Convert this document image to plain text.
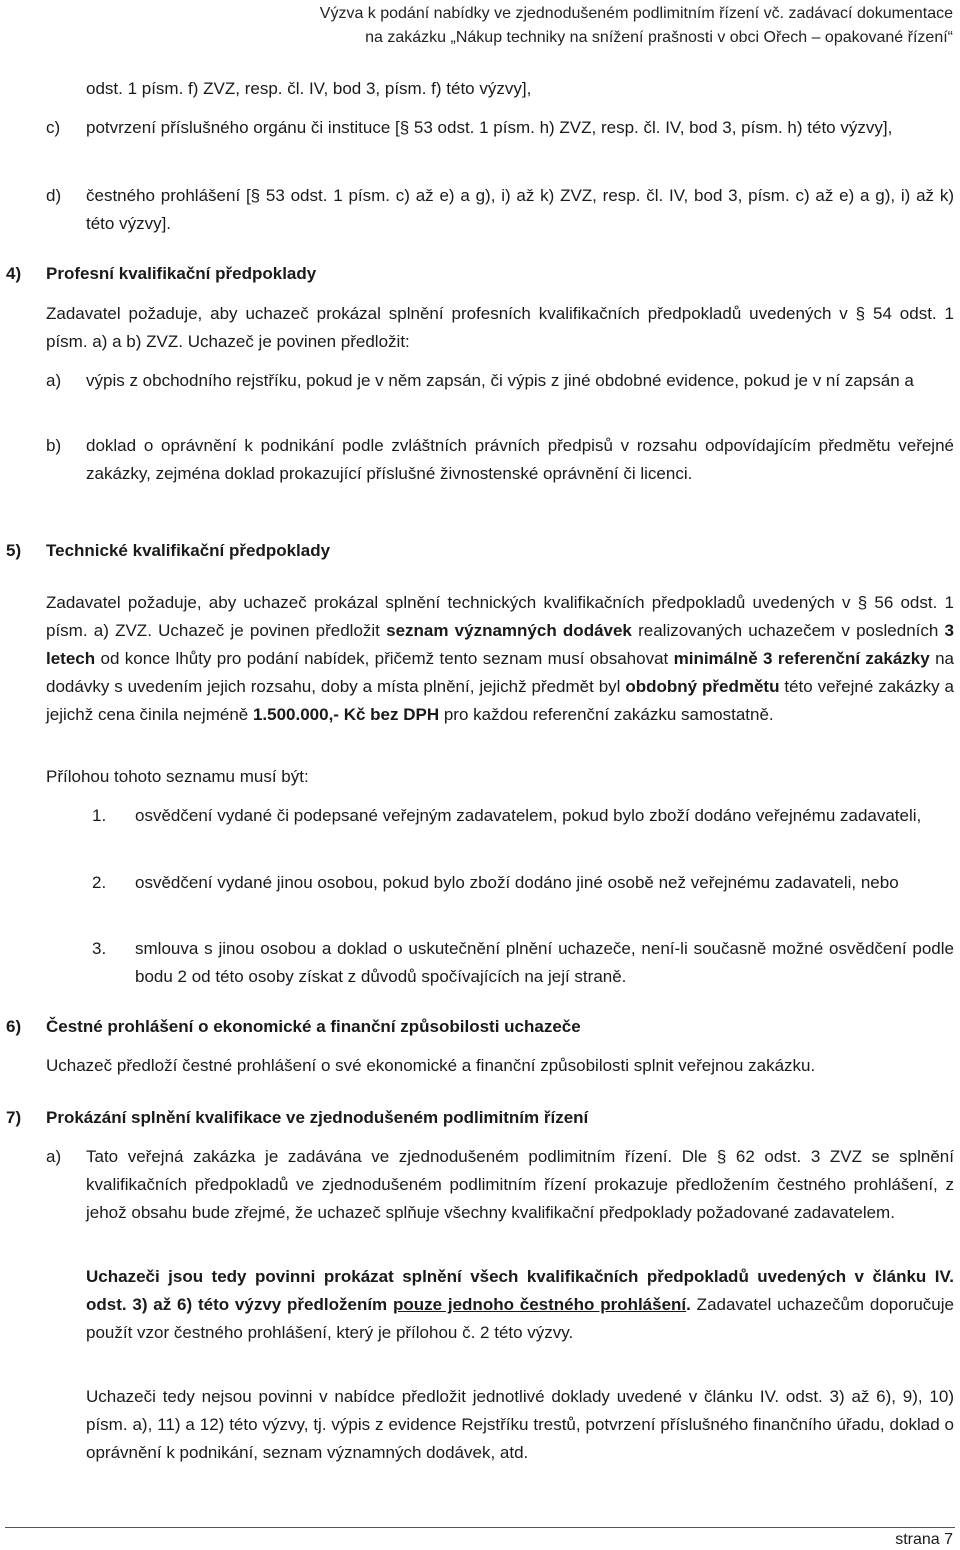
Výzva k podání nabídky ve zjednodušeném podlimitním řízení vč. zadávací dokumentace
na zakázku „Nákup techniky na snížení prašnosti v obci Ořech – opakované řízení“

odst. 1 písm. f) ZVZ, resp. čl. IV, bod 3, písm. f) této výzvy],

c)	potvrzení příslušného orgánu či instituce [§ 53 odst. 1 písm. h) ZVZ, resp. čl. IV, bod 3, písm. h) této výzvy],

d)	čestného prohlášení [§ 53 odst. 1 písm. c) až e) a g), i) až k) ZVZ, resp. čl. IV, bod 3, písm. c) až e) a g), i) až k) této výzvy].

4) Profesní kvalifikační předpoklady

Zadavatel požaduje, aby uchazeč prokázal splnění profesních kvalifikačních předpokladů uvedených v § 54 odst. 1 písm. a) a b) ZVZ. Uchazeč je povinen předložit:

a)	výpis z obchodního rejstříku, pokud je v něm zapsán, či výpis z jiné obdobné evidence, pokud je v ní zapsán a

b)	doklad o oprávnění k podnikání podle zvláštních právních předpisů v rozsahu odpovídajícím předmětu veřejné zakázky, zejména doklad prokazující příslušné živnostenské oprávnění či licenci.

5) Technické kvalifikační předpoklady

Zadavatel požaduje, aby uchazeč prokázal splnění technických kvalifikačních předpokladů uvedených v § 56 odst. 1 písm. a) ZVZ. Uchazeč je povinen předložit seznam významných dodávek realizovaných uchazečem v posledních 3 letech od konce lhůty pro podání nabídek, přičemž tento seznam musí obsahovat minimálně 3 referenční zakázky na dodávky s uvedením jejich rozsahu, doby a místa plnění, jejichž předmět byl obdobný předmětu této veřejné zakázky a jejichž cena činila nejméně 1.500.000,- Kč bez DPH pro každou referenční zakázku samostatně.

Přílohou tohoto seznamu musí být:

1.	osvědčení vydané či podepsané veřejným zadavatelem, pokud bylo zboží dodáno veřejnému zadavateli,

2.	osvědčení vydané jinou osobou, pokud bylo zboží dodáno jiné osobě než veřejnému zadavateli, nebo

3.	smlouva s jinou osobou a doklad o uskutečnění plnění uchazeče, není-li současně možné osvědčení podle bodu 2 od této osoby získat z důvodů spočívajících na její straně.

6) Čestné prohlášení o ekonomické a finanční způsobilosti uchazeče

Uchazeč předloží čestné prohlášení o své ekonomické a finanční způsobilosti splnit veřejnou zakázku.

7) Prokázání splnění kvalifikace ve zjednodušeném podlimitním řízení
a)	Tato veřejná zakázka je zadávána ve zjednodušeném podlimitním řízení. Dle § 62 odst. 3 ZVZ se splnění kvalifikačních předpokladů ve zjednodušeném podlimitním řízení prokazuje předložením čestného prohlášení, z jehož obsahu bude zřejmé, že uchazeč splňuje všechny kvalifikační předpoklady požadované zadavatelem.

Uchazeči jsou tedy povinni prokázat splnění všech kvalifikačních předpokladů uvedených v článku IV. odst. 3) až 6) této výzvy předložením pouze jednoho čestného prohlášení. Zadavatel uchazečům doporučuje použít vzor čestného prohlášení, který je přílohou č. 2 této výzvy.

Uchazeči tedy nejsou povinni v nabídce předložit jednotlivé doklady uvedené v článku IV. odst. 3) až 6), 9), 10) písm. a), 11) a 12) této výzvy, tj. výpis z evidence Rejstříku trestů, potvrzení příslušného finančního úřadu, doklad o oprávnění k podnikání, seznam významných dodávek, atd.

strana 7
